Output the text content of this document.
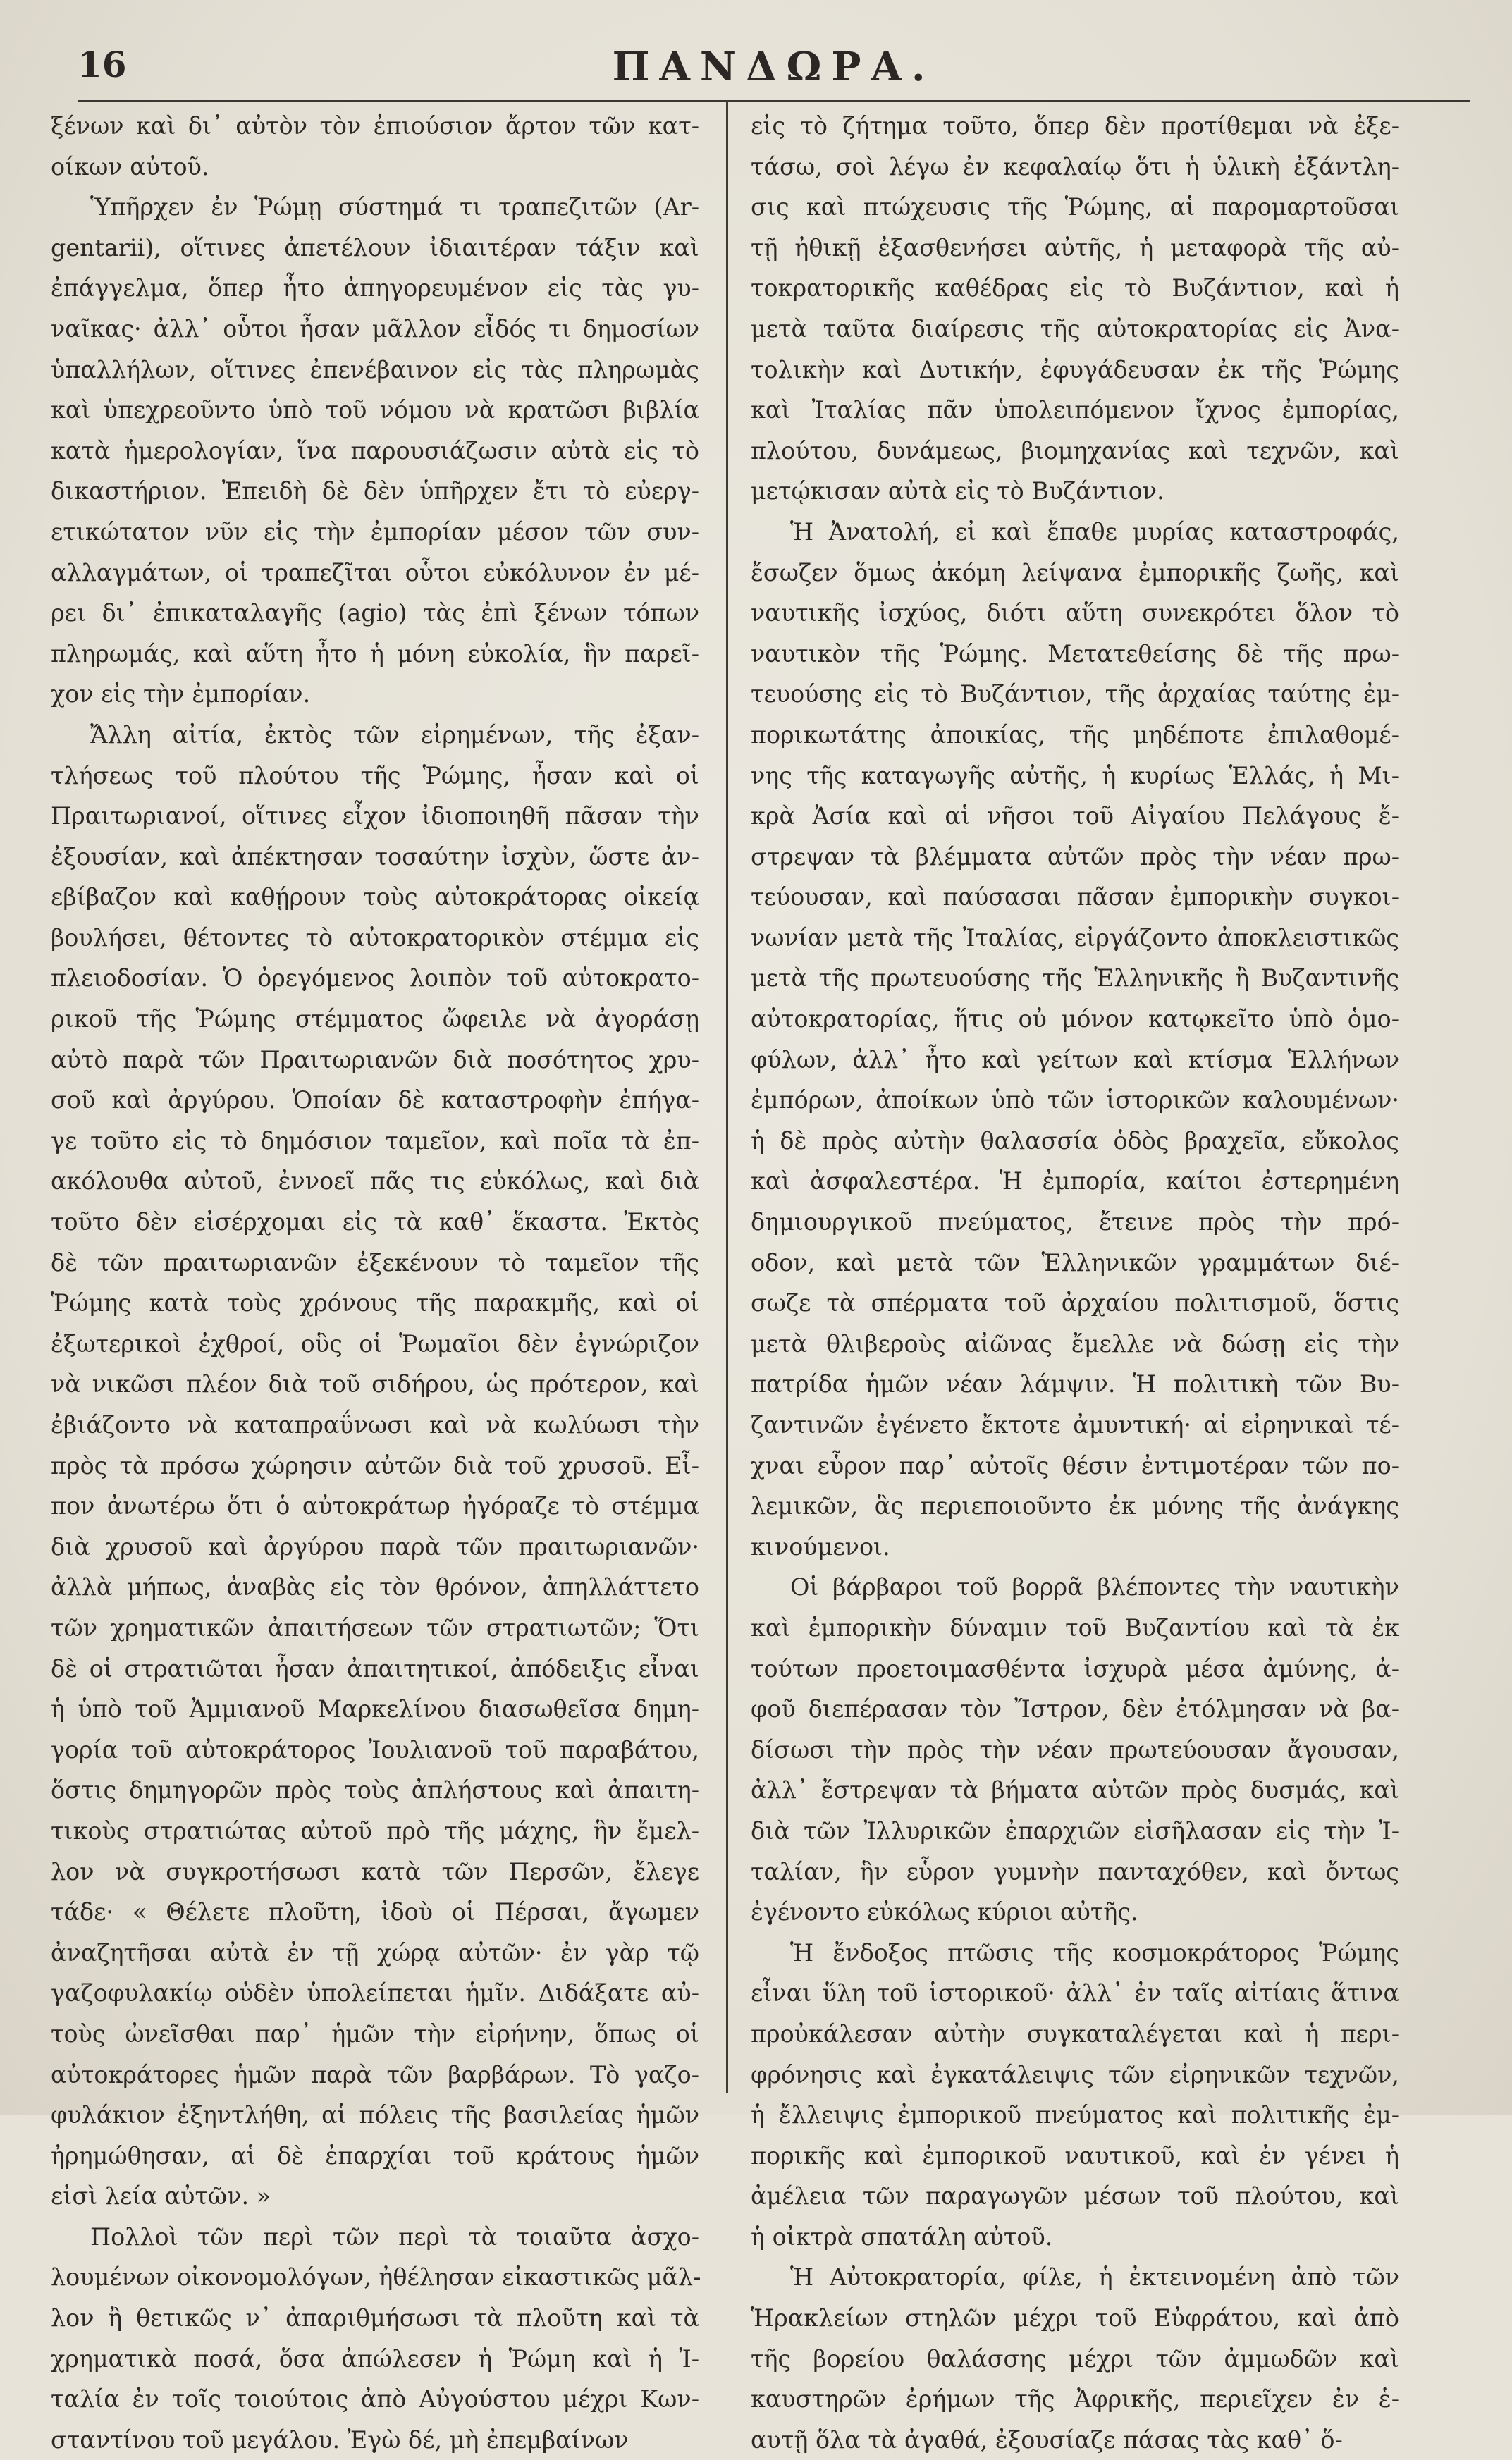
16	ΠΑΝΔΩΡΑ.

ξένων καὶ δι᾽ αὐτὸν τὸν ἐπιούσιον ἄρτον τῶν κατ-

οίκων αὐτοῦ.

Ὑπῆρχεν ἐν Ῥώμῃ σύστημά τι τραπεζιτῶν (Ar-

gentarii), οἵτινες ἀπετέλουν ἰδιαιτέραν τάξιν καὶ

ἐπάγγελμα, ὅπερ ἦτο ἀπηγορευμένον εἰς τὰς γυ-

ναῖκας· ἀλλ᾽ οὗτοι ἦσαν μᾶλλον εἶδός τι δημοσίων

ὑπαλλήλων, οἵτινες ἐπενέβαινον εἰς τὰς πληρωμὰς

καὶ ὑπεχρεοῦντο ὑπὸ τοῦ νόμου νὰ κρατῶσι βιβλία

κατὰ ἡμερολογίαν, ἵνα παρουσιάζωσιν αὐτὰ εἰς τὸ

δικαστήριον. Ἐπειδὴ δὲ δὲν ὑπῆρχεν ἔτι τὸ εὐεργ-

ετικώτατον νῦν εἰς τὴν ἐμπορίαν μέσον τῶν συν-

αλλαγμάτων, οἱ τραπεζῖται οὗτοι εὐκόλυνον ἐν μέ-

ρει δι᾽ ἐπικαταλαγῆς (agio) τὰς ἐπὶ ξένων τόπων

πληρωμάς, καὶ αὕτη ἦτο ἡ μόνη εὐκολία, ἣν παρεῖ-

χον εἰς τὴν ἐμπορίαν.

Ἄλλη αἰτία, ἐκτὸς τῶν εἰρημένων, τῆς ἐξαν-

τλήσεως τοῦ πλούτου τῆς Ῥώμης, ἦσαν καὶ οἱ

Πραιτωριανοί, οἵτινες εἶχον ἰδιοποιηθῆ πᾶσαν τὴν

ἐξουσίαν, καὶ ἀπέκτησαν τοσαύτην ἰσχὺν, ὥστε ἀν-

εβίβαζον καὶ καθῄρουν τοὺς αὐτοκράτορας οἰκείᾳ

βουλήσει, θέτοντες τὸ αὐτοκρατορικὸν στέμμα εἰς

πλειοδοσίαν. Ὁ ὀρεγόμενος λοιπὸν τοῦ αὐτοκρατο-

ρικοῦ τῆς Ῥώμης στέμματος ὤφειλε νὰ ἀγοράσῃ

αὐτὸ παρὰ τῶν Πραιτωριανῶν διὰ ποσότητος χρυ-

σοῦ καὶ ἀργύρου. Ὁποίαν δὲ καταστροφὴν ἐπήγα-

γε τοῦτο εἰς τὸ δημόσιον ταμεῖον, καὶ ποῖα τὰ ἐπ-

ακόλουθα αὐτοῦ, ἐννοεῖ πᾶς τις εὐκόλως, καὶ διὰ

τοῦτο δὲν εἰσέρχομαι εἰς τὰ καθ᾽ ἕκαστα. Ἐκτὸς

δὲ τῶν πραιτωριανῶν ἐξεκένουν τὸ ταμεῖον τῆς

Ῥώμης κατὰ τοὺς χρόνους τῆς παρακμῆς, καὶ οἱ

ἐξωτερικοὶ ἐχθροί, οὓς οἱ Ῥωμαῖοι δὲν ἐγνώριζον

νὰ νικῶσι πλέον διὰ τοῦ σιδήρου, ὡς πρότερον, καὶ

ἐβιάζοντο νὰ καταπραΰνωσι καὶ νὰ κωλύωσι τὴν

πρὸς τὰ πρόσω χώρησιν αὐτῶν διὰ τοῦ χρυσοῦ. Εἶ-

πον ἀνωτέρω ὅτι ὁ αὐτοκράτωρ ἠγόραζε τὸ στέμμα

διὰ χρυσοῦ καὶ ἀργύρου παρὰ τῶν πραιτωριανῶν·

ἀλλὰ μήπως, ἀναβὰς εἰς τὸν θρόνον, ἀπηλλάττετο

τῶν χρηματικῶν ἀπαιτήσεων τῶν στρατιωτῶν; Ὅτι

δὲ οἱ στρατιῶται ἦσαν ἀπαιτητικοί, ἀπόδειξις εἶναι

ἡ ὑπὸ τοῦ Ἀμμιανοῦ Μαρκελίνου διασωθεῖσα δημη-

γορία τοῦ αὐτοκράτορος Ἰουλιανοῦ τοῦ παραβάτου,

ὅστις δημηγορῶν πρὸς τοὺς ἀπλήστους καὶ ἀπαιτη-

τικοὺς στρατιώτας αὐτοῦ πρὸ τῆς μάχης, ἣν ἔμελ-

λον νὰ συγκροτήσωσι κατὰ τῶν Περσῶν, ἔλεγε

τάδε· « Θέλετε πλοῦτη, ἰδοὺ οἱ Πέρσαι, ἄγωμεν

ἀναζητῆσαι αὐτὰ ἐν τῇ χώρᾳ αὐτῶν· ἐν γὰρ τῷ

γαζοφυλακίῳ οὐδὲν ὑπολείπεται ἡμῖν. Διδάξατε αὐ-

τοὺς ὠνεῖσθαι παρ᾽ ἡμῶν τὴν εἰρήνην, ὅπως οἱ

αὐτοκράτορες ἡμῶν παρὰ τῶν βαρβάρων. Τὸ γαζο-

φυλάκιον ἐξηντλήθη, αἱ πόλεις τῆς βασιλείας ἡμῶν

ἠρημώθησαν, αἱ δὲ ἐπαρχίαι τοῦ κράτους ἡμῶν

εἰσὶ λεία αὐτῶν. »

Πολλοὶ τῶν περὶ τῶν περὶ τὰ τοιαῦτα ἀσχο-

λουμένων οἰκονομολόγων, ἠθέλησαν εἰκαστικῶς μᾶλ-

λον ἢ θετικῶς ν᾽ ἀπαριθμήσωσι τὰ πλοῦτη καὶ τὰ

χρηματικὰ ποσά, ὅσα ἀπώλεσεν ἡ Ῥώμη καὶ ἡ Ἰ-

ταλία ἐν τοῖς τοιούτοις ἀπὸ Αὐγούστου μέχρι Κων-

σταντίνου τοῦ μεγάλου. Ἐγὼ δέ, μὴ ἐπεμβαίνων

εἰς τὸ ζήτημα τοῦτο, ὅπερ δὲν προτίθεμαι νὰ ἐξε-

τάσω, σοὶ λέγω ἐν κεφαλαίῳ ὅτι ἡ ὑλικὴ ἐξάντλη-

σις καὶ πτώχευσις τῆς Ῥώμης, αἱ παρομαρτοῦσαι

τῇ ἠθικῇ ἐξασθενήσει αὐτῆς, ἡ μεταφορὰ τῆς αὐ-

τοκρατορικῆς καθέδρας εἰς τὸ Βυζάντιον, καὶ ἡ

μετὰ ταῦτα διαίρεσις τῆς αὐτοκρατορίας εἰς Ἀνα-

τολικὴν καὶ Δυτικήν, ἐφυγάδευσαν ἐκ τῆς Ῥώμης

καὶ Ἰταλίας πᾶν ὑπολειπόμενον ἴχνος ἐμπορίας,

πλούτου, δυνάμεως, βιομηχανίας καὶ τεχνῶν, καὶ

μετῴκισαν αὐτὰ εἰς τὸ Βυζάντιον.

Ἡ Ἀνατολή, εἰ καὶ ἔπαθε μυρίας καταστροφάς,

ἔσωζεν ὅμως ἀκόμη λείψανα ἐμπορικῆς ζωῆς, καὶ

ναυτικῆς ἰσχύος, διότι αὕτη συνεκρότει ὅλον τὸ

ναυτικὸν τῆς Ῥώμης. Μετατεθείσης δὲ τῆς πρω-

τευούσης εἰς τὸ Βυζάντιον, τῆς ἀρχαίας ταύτης ἐμ-

πορικωτάτης ἀποικίας, τῆς μηδέποτε ἐπιλαθομέ-

νης τῆς καταγωγῆς αὐτῆς, ἡ κυρίως Ἑλλάς, ἡ Μι-

κρὰ Ἀσία καὶ αἱ νῆσοι τοῦ Αἰγαίου Πελάγους ἔ-

στρεψαν τὰ βλέμματα αὐτῶν πρὸς τὴν νέαν πρω-

τεύουσαν, καὶ παύσασαι πᾶσαν ἐμπορικὴν συγκοι-

νωνίαν μετὰ τῆς Ἰταλίας, εἰργάζοντο ἀποκλειστικῶς

μετὰ τῆς πρωτευούσης τῆς Ἑλληνικῆς ἢ Βυζαντινῆς

αὐτοκρατορίας, ἥτις οὐ μόνον κατῳκεῖτο ὑπὸ ὁμο-

φύλων, ἀλλ᾽ ἦτο καὶ γείτων καὶ κτίσμα Ἑλλήνων

ἐμπόρων, ἀποίκων ὑπὸ τῶν ἱστορικῶν καλουμένων·

ἡ δὲ πρὸς αὐτὴν θαλασσία ὁδὸς βραχεῖα, εὔκολος

καὶ ἀσφαλεστέρα. Ἡ ἐμπορία, καίτοι ἐστερημένη

δημιουργικοῦ πνεύματος, ἔτεινε πρὸς τὴν πρό-

οδον, καὶ μετὰ τῶν Ἑλληνικῶν γραμμάτων διέ-

σωζε τὰ σπέρματα τοῦ ἀρχαίου πολιτισμοῦ, ὅστις

μετὰ θλιβεροὺς αἰῶνας ἔμελλε νὰ δώσῃ εἰς τὴν

πατρίδα ἡμῶν νέαν λάμψιν. Ἡ πολιτικὴ τῶν Βυ-

ζαντινῶν ἐγένετο ἔκτοτε ἀμυντική· αἱ εἰρηνικαὶ τέ-

χναι εὗρον παρ᾽ αὐτοῖς θέσιν ἐντιμοτέραν τῶν πο-

λεμικῶν, ἃς περιεποιοῦντο ἐκ μόνης τῆς ἀνάγκης

κινούμενοι.

Οἱ βάρβαροι τοῦ βορρᾶ βλέποντες τὴν ναυτικὴν

καὶ ἐμπορικὴν δύναμιν τοῦ Βυζαντίου καὶ τὰ ἐκ

τούτων προετοιμασθέντα ἰσχυρὰ μέσα ἀμύνης, ἀ-

φοῦ διεπέρασαν τὸν Ἴστρον, δὲν ἐτόλμησαν νὰ βα-

δίσωσι τὴν πρὸς τὴν νέαν πρωτεύουσαν ἄγουσαν,

ἀλλ᾽ ἔστρεψαν τὰ βήματα αὐτῶν πρὸς δυσμάς, καὶ

διὰ τῶν Ἰλλυρικῶν ἐπαρχιῶν εἰσῆλασαν εἰς τὴν Ἰ-

ταλίαν, ἣν εὗρον γυμνὴν πανταχόθεν, καὶ ὄντως

ἐγένοντο εὐκόλως κύριοι αὐτῆς.

Ἡ ἔνδοξος πτῶσις τῆς κοσμοκράτορος Ῥώμης

εἶναι ὕλη τοῦ ἱστορικοῦ· ἀλλ᾽ ἐν ταῖς αἰτίαις ἅτινα

προὐκάλεσαν αὐτὴν συγκαταλέγεται καὶ ἡ περι-

φρόνησις καὶ ἐγκατάλειψις τῶν εἰρηνικῶν τεχνῶν,

ἡ ἔλλειψις ἐμπορικοῦ πνεύματος καὶ πολιτικῆς ἐμ-

πορικῆς καὶ ἐμπορικοῦ ναυτικοῦ, καὶ ἐν γένει ἡ

ἀμέλεια τῶν παραγωγῶν μέσων τοῦ πλούτου, καὶ

ἡ οἰκτρὰ σπατάλη αὐτοῦ.

Ἡ Αὐτοκρατορία, φίλε, ἡ ἐκτεινομένη ἀπὸ τῶν

Ἡρακλείων στηλῶν μέχρι τοῦ Εὐφράτου, καὶ ἀπὸ

τῆς βορείου θαλάσσης μέχρι τῶν ἀμμωδῶν καὶ

καυστηρῶν ἐρήμων τῆς Ἀφρικῆς, περιεῖχεν ἐν ἑ-

αυτῇ ὅλα τὰ ἀγαθά, ἐξουσίαζε πάσας τὰς καθ᾽ ὅ-
